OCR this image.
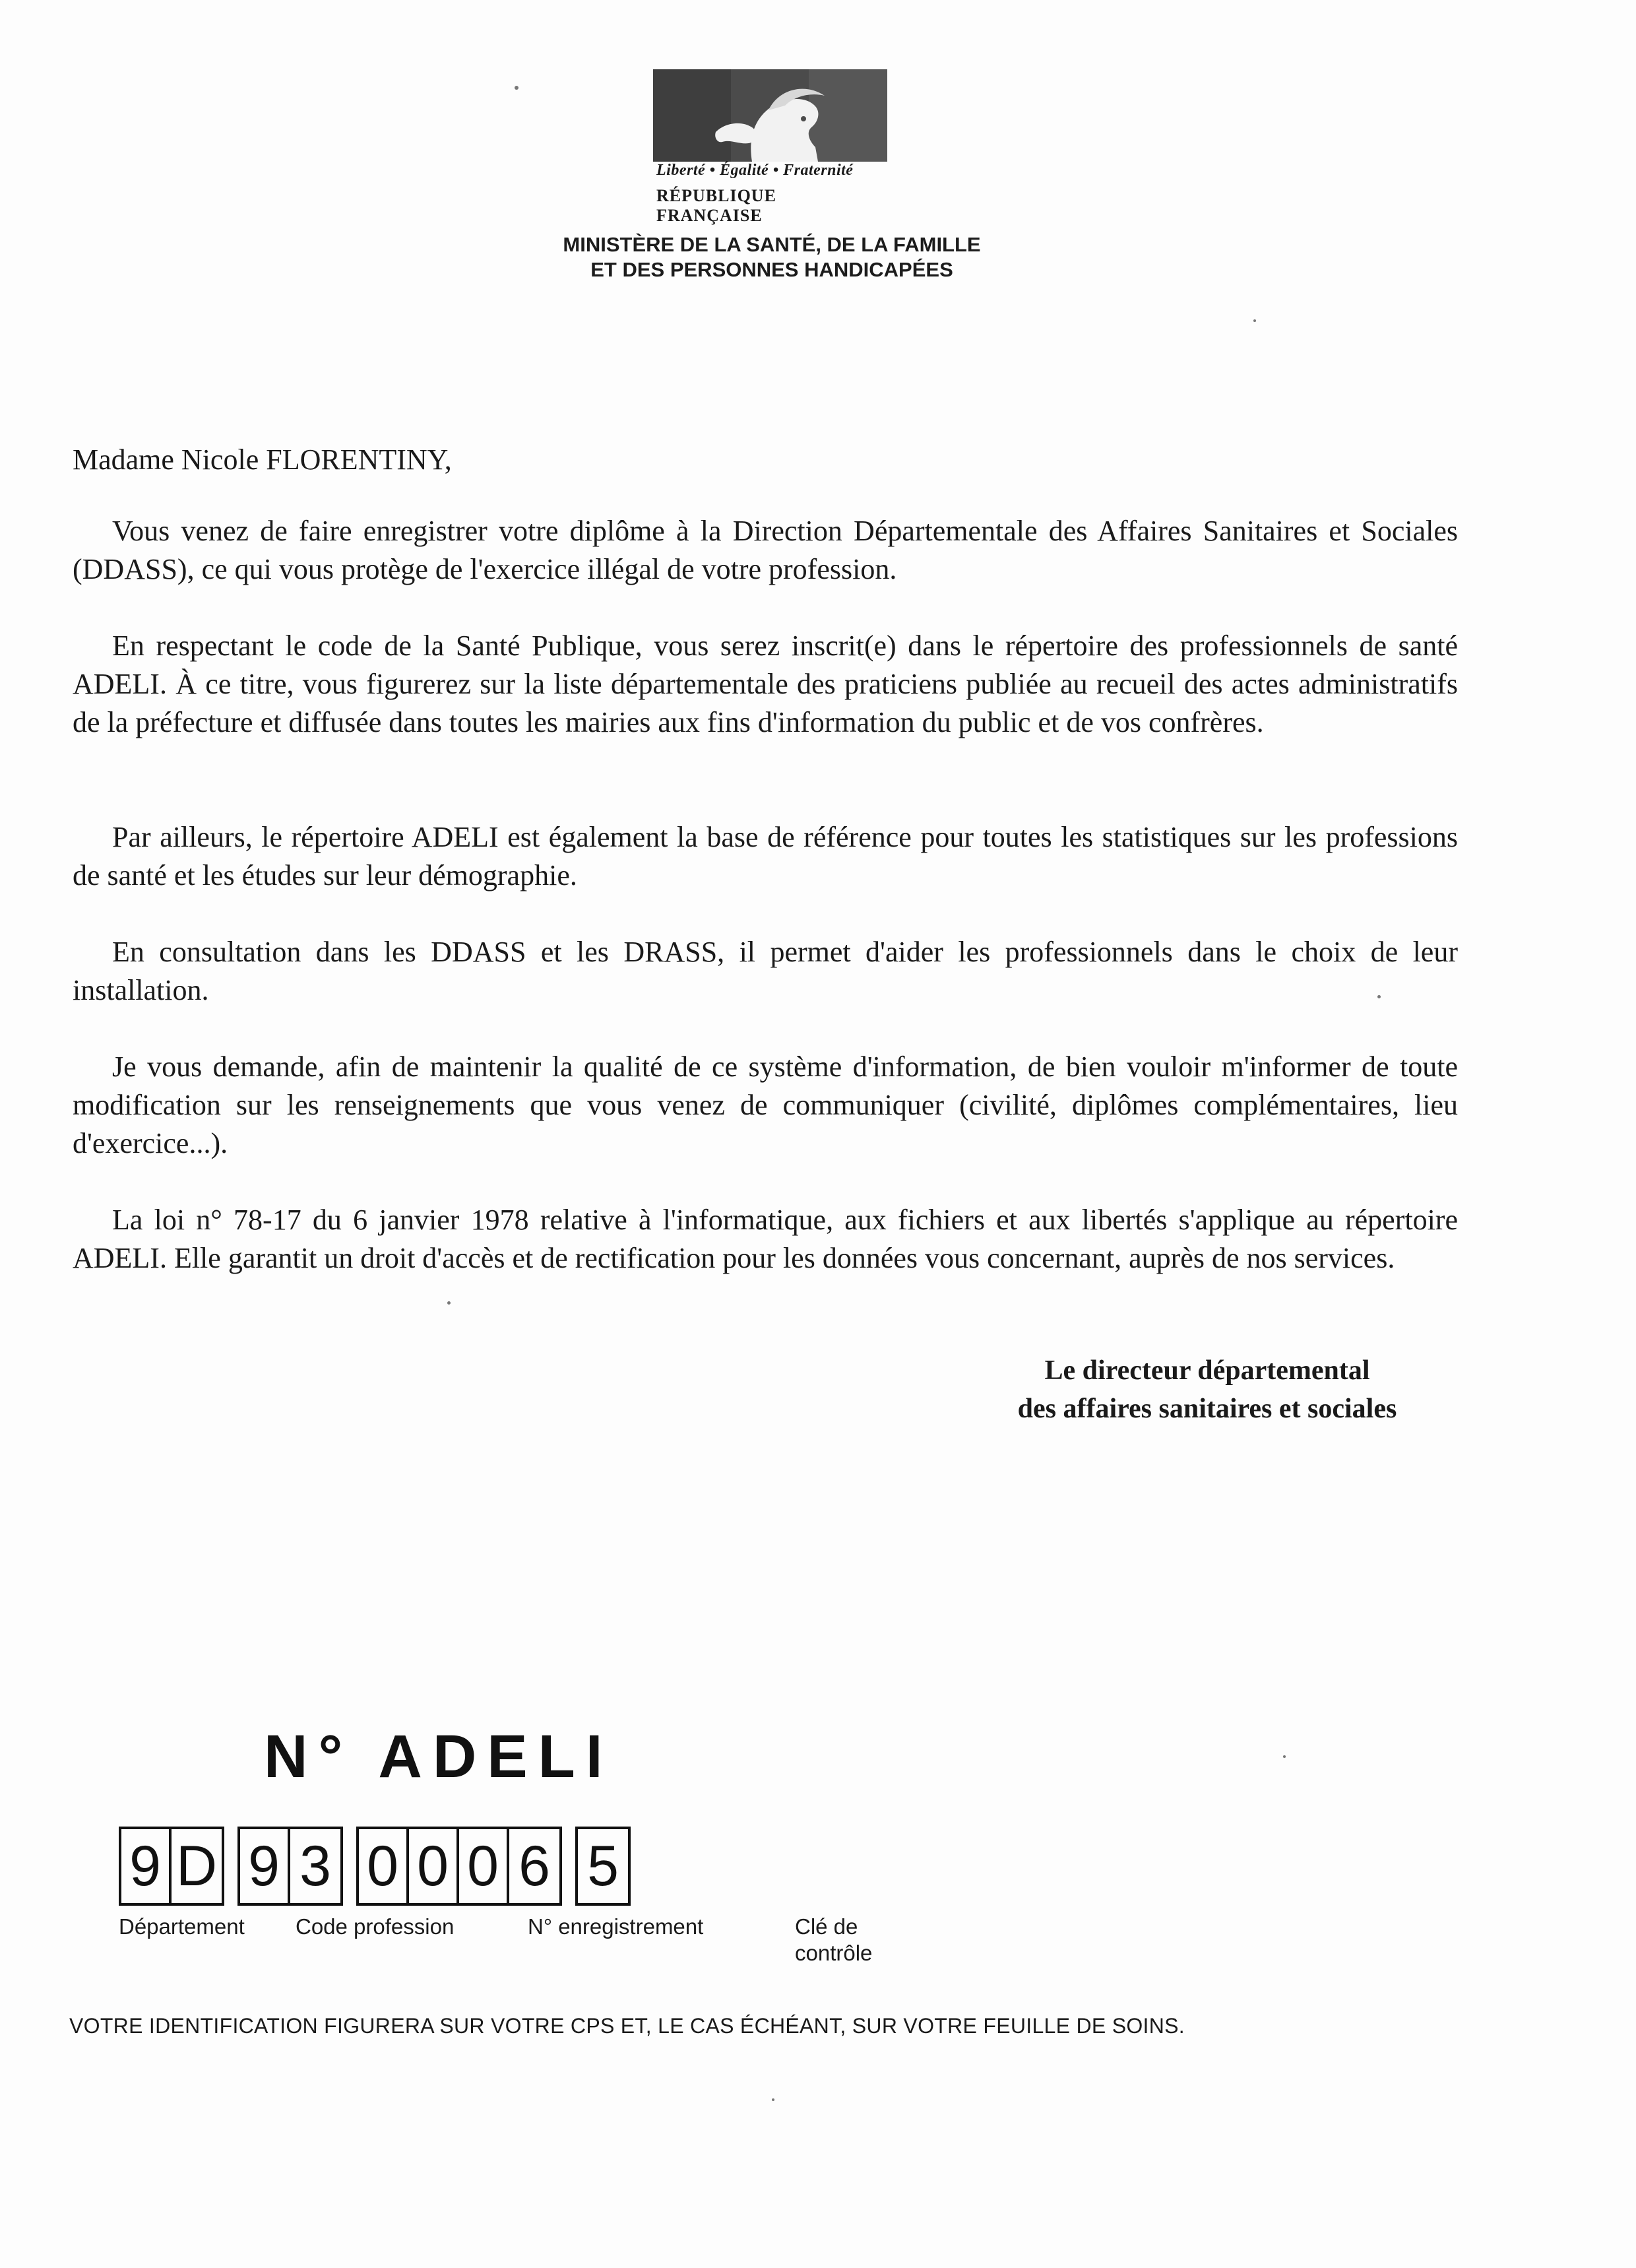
Liberté • Égalité • Fraternité
RÉPUBLIQUE FRANÇAISE
MINISTÈRE DE LA SANTÉ, DE LA FAMILLE
ET DES PERSONNES HANDICAPÉES
Madame Nicole FLORENTINY,
Vous venez de faire enregistrer votre diplôme à la Direction Départementale des Affaires Sanitaires et Sociales (DDASS), ce qui vous protège de l'exercice illégal de votre profession.
En respectant le code de la Santé Publique, vous serez inscrit(e) dans le répertoire des professionnels de santé ADELI. À ce titre, vous figurerez sur la liste départementale des praticiens publiée au recueil des actes administratifs de la préfecture et diffusée dans toutes les mairies aux fins d'information du public et de vos confrères.
Par ailleurs, le répertoire ADELI est également la base de référence pour toutes les statistiques sur les professions de santé et les études sur leur démographie.
En consultation dans les DDASS et les DRASS, il permet d'aider les professionnels dans le choix de leur installation.
Je vous demande, afin de maintenir la qualité de ce système d'information, de bien vouloir m'informer de toute modification sur les renseignements que vous venez de communiquer (civilité, diplômes complémentaires, lieu d'exercice...).
La loi n° 78-17 du 6 janvier 1978 relative à l'informatique, aux fichiers et aux libertés s'applique au répertoire ADELI. Elle garantit un droit d'accès et de rectification pour les données vous concernant, auprès de nos services.
Le directeur départemental
des affaires sanitaires et sociales
N° ADELI
9 D 9 3 0 0 0 6 5
Département Code profession	N° enregistrement	Clé de
contrôle
VOTRE IDENTIFICATION FIGURERA SUR VOTRE CPS ET, LE CAS ÉCHÉANT, SUR VOTRE FEUILLE DE SOINS.
